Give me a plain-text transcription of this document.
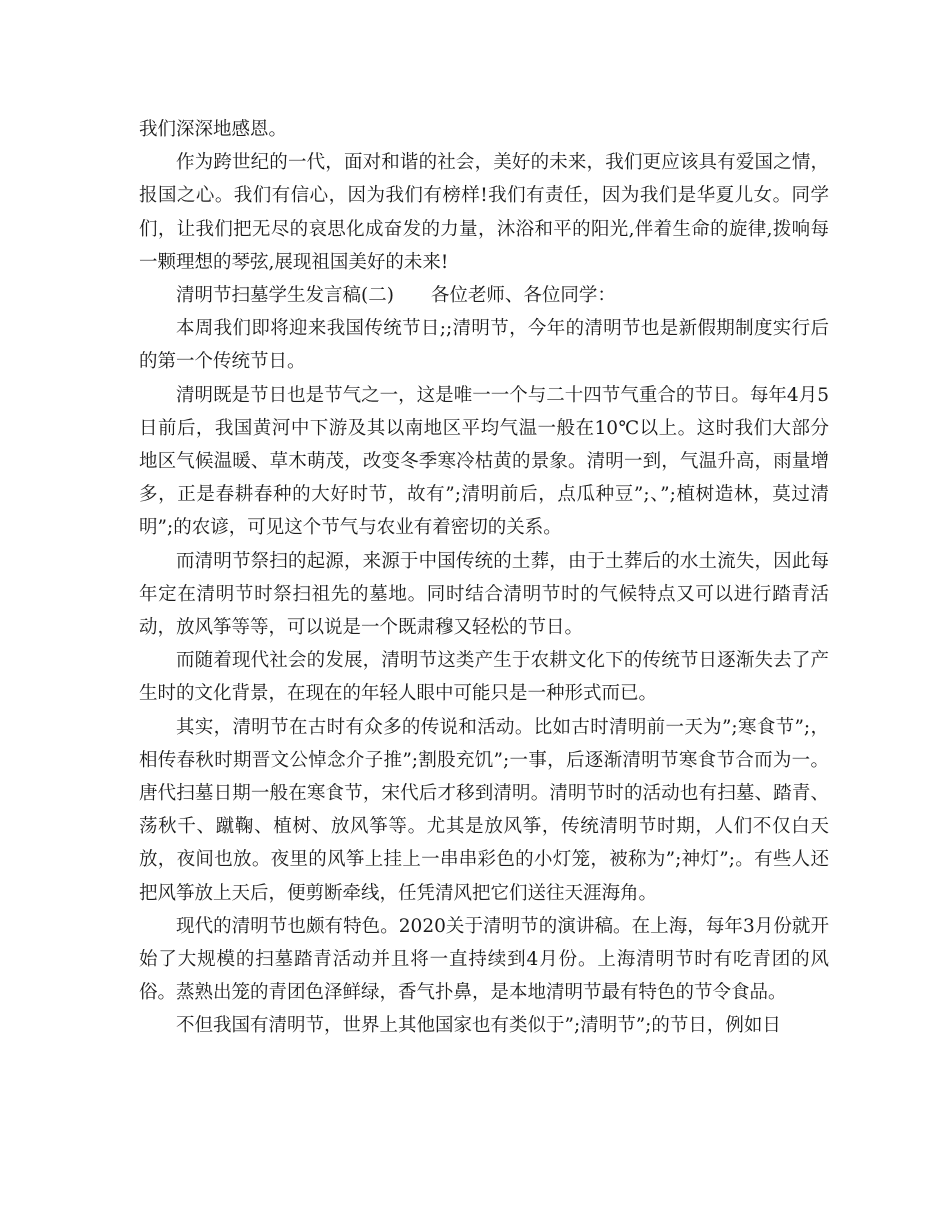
我们深深地感恩。

作为跨世纪的一代，面对和谐的社会，美好的未来，我们更应该具有爱国之情，报国之心。我们有信心，因为我们有榜样!我们有责任，因为我们是华夏儿女。同学们，让我们把无尽的哀思化成奋发的力量，沐浴和平的阳光,伴着生命的旋律,拨响每一颗理想的琴弦,展现祖国美好的未来!

清明节扫墓学生发言稿(二)　　各位老师、各位同学：

本周我们即将迎来我国传统节日;;清明节，今年的清明节也是新假期制度实行后的第一个传统节日。

清明既是节日也是节气之一，这是唯一一个与二十四节气重合的节日。每年4月5日前后，我国黄河中下游及其以南地区平均气温一般在10℃以上。这时我们大部分地区气候温暖、草木萌茂，改变冬季寒冷枯黄的景象。清明一到，气温升高，雨量增多，正是春耕春种的大好时节，故有”;清明前后，点瓜种豆”;、”;植树造林，莫过清明”;的农谚，可见这个节气与农业有着密切的关系。

而清明节祭扫的起源，来源于中国传统的土葬，由于土葬后的水土流失，因此每年定在清明节时祭扫祖先的墓地。同时结合清明节时的气候特点又可以进行踏青活动，放风筝等等，可以说是一个既肃穆又轻松的节日。

而随着现代社会的发展，清明节这类产生于农耕文化下的传统节日逐渐失去了产生时的文化背景，在现在的年轻人眼中可能只是一种形式而已。

其实，清明节在古时有众多的传说和活动。比如古时清明前一天为”;寒食节”;，相传春秋时期晋文公悼念介子推”;割股充饥”;一事，后逐渐清明节寒食节合而为一。唐代扫墓日期一般在寒食节，宋代后才移到清明。清明节时的活动也有扫墓、踏青、荡秋千、蹴鞠、植树、放风筝等。尤其是放风筝，传统清明节时期，人们不仅白天放，夜间也放。夜里的风筝上挂上一串串彩色的小灯笼，被称为”;神灯”;。有些人还把风筝放上天后，便剪断牵线，任凭清风把它们送往天涯海角。

现代的清明节也颇有特色。2020关于清明节的演讲稿。在上海，每年3月份就开始了大规模的扫墓踏青活动并且将一直持续到4月份。上海清明节时有吃青团的风俗。蒸熟出笼的青团色泽鲜绿，香气扑鼻，是本地清明节最有特色的节令食品。

不但我国有清明节，世界上其他国家也有类似于”;清明节”;的节日，例如日
